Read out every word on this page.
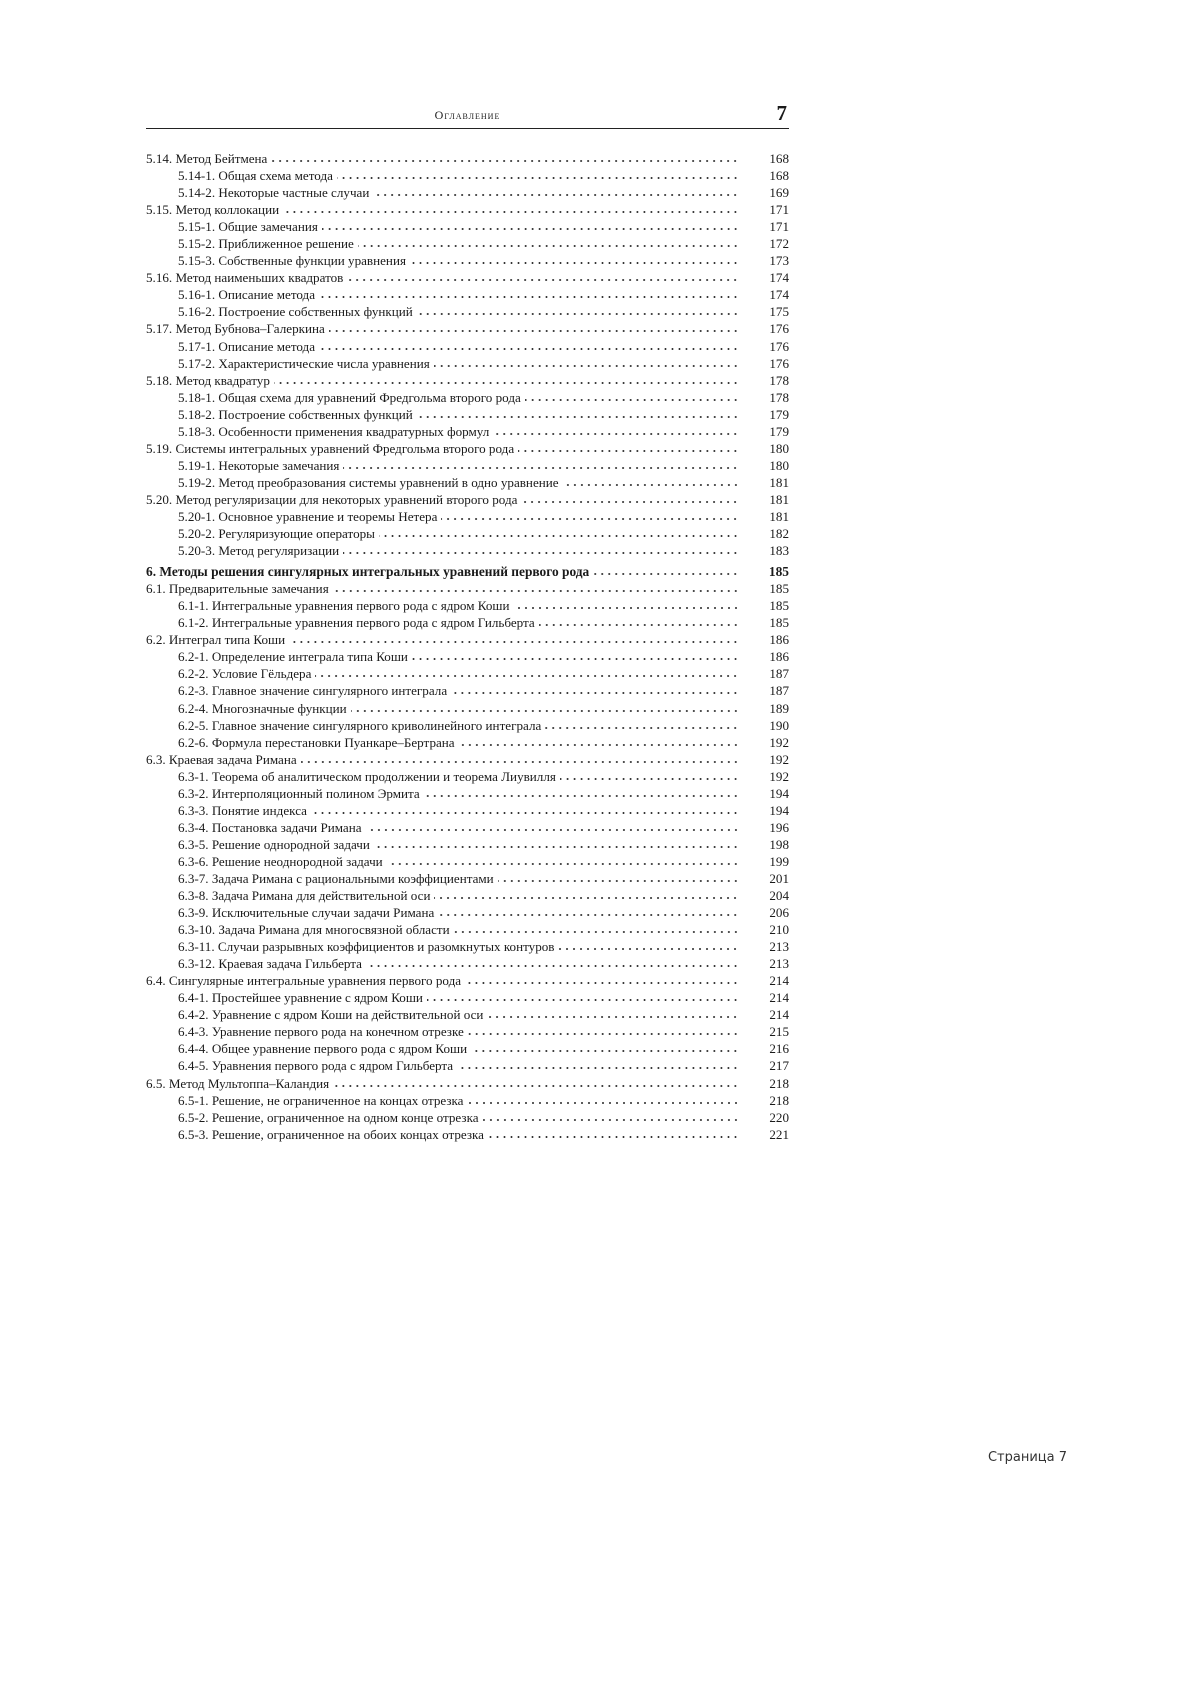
Оглавление	7
5.14. Метод Бейтмена	168
5.14-1. Общая схема метода	168
5.14-2. Некоторые частные случаи	169
5.15. Метод коллокации	171
5.15-1. Общие замечания	171
5.15-2. Приближенное решение	172
5.15-3. Собственные функции уравнения	173
5.16. Метод наименьших квадратов	174
5.16-1. Описание метода	174
5.16-2. Построение собственных функций	175
5.17. Метод Бубнова–Галеркина	176
5.17-1. Описание метода	176
5.17-2. Характеристические числа уравнения	176
5.18. Метод квадратур	178
5.18-1. Общая схема для уравнений Фредгольма второго рода	178
5.18-2. Построение собственных функций	179
5.18-3. Особенности применения квадратурных формул	179
5.19. Системы интегральных уравнений Фредгольма второго рода	180
5.19-1. Некоторые замечания	180
5.19-2. Метод преобразования системы уравнений в одно уравнение	181
5.20. Метод регуляризации для некоторых уравнений второго рода	181
5.20-1. Основное уравнение и теоремы Нетера	181
5.20-2. Регуляризующие операторы	182
5.20-3. Метод регуляризации	183
6. Методы решения сингулярных интегральных уравнений первого рода	185
6.1. Предварительные замечания	185
6.1-1. Интегральные уравнения первого рода с ядром Коши	185
6.1-2. Интегральные уравнения первого рода с ядром Гильберта	185
6.2. Интеграл типа Коши	186
6.2-1. Определение интеграла типа Коши	186
6.2-2. Условие Гёльдера	187
6.2-3. Главное значение сингулярного интеграла	187
6.2-4. Многозначные функции	189
6.2-5. Главное значение сингулярного криволинейного интеграла	190
6.2-6. Формула перестановки Пуанкаре–Бертрана	192
6.3. Краевая задача Римана	192
6.3-1. Теорема об аналитическом продолжении и теорема Лиувилля	192
6.3-2. Интерполяционный полином Эрмита	194
6.3-3. Понятие индекса	194
6.3-4. Постановка задачи Римана	196
6.3-5. Решение однородной задачи	198
6.3-6. Решение неоднородной задачи	199
6.3-7. Задача Римана с рациональными коэффициентами	201
6.3-8. Задача Римана для действительной оси	204
6.3-9. Исключительные случаи задачи Римана	206
6.3-10. Задача Римана для многосвязной области	210
6.3-11. Случаи разрывных коэффициентов и разомкнутых контуров	213
6.3-12. Краевая задача Гильберта	213
6.4. Сингулярные интегральные уравнения первого рода	214
6.4-1. Простейшее уравнение с ядром Коши	214
6.4-2. Уравнение с ядром Коши на действительной оси	214
6.4-3. Уравнение первого рода на конечном отрезке	215
6.4-4. Общее уравнение первого рода с ядром Коши	216
6.4-5. Уравнения первого рода с ядром Гильберта	217
6.5. Метод Мультоппа–Каландия	218
6.5-1. Решение, не ограниченное на концах отрезка	218
6.5-2. Решение, ограниченное на одном конце отрезка	220
6.5-3. Решение, ограниченное на обоих концах отрезка	221
Страница 7
